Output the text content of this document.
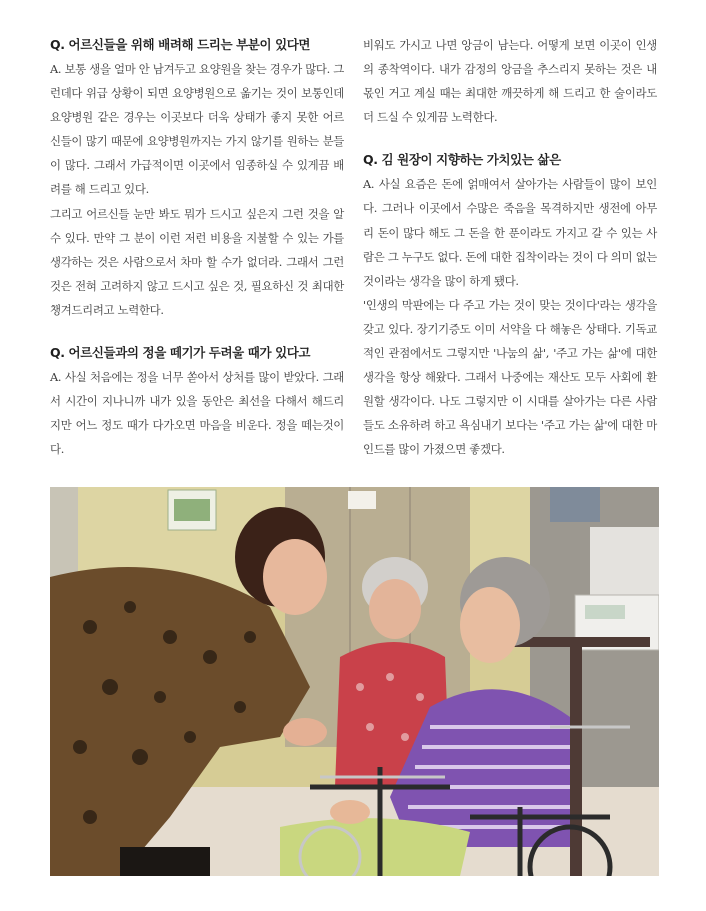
Q. 어르신들을 위해 배려해 드리는 부분이 있다면

A. 보통 생을 얼마 안 남겨두고 요양원을 찾는 경우가 많다. 그런데다 위급 상황이 되면 요양병원으로 옮기는 것이 보통인데 요양병원 같은 경우는 이곳보다 더욱 상태가 좋지 못한 어르신들이 많기 때문에 요양병원까지는 가지 않기를 원하는 분들이 많다. 그래서 가급적이면 이곳에서 임종하실 수 있게끔 배려를 해 드리고 있다.

그리고 어르신들 눈만 봐도 뭐가 드시고 싶은지 그런 것을 알 수 있다. 만약 그 분이 이런 저런 비용을 지불할 수 있는 가를 생각하는 것은 사람으로서 차마 할 수가 없더라. 그래서 그런 것은 전혀 고려하지 않고 드시고 싶은 것, 필요하신 것 최대한 챙겨드리려고 노력한다.

Q. 어르신들과의 정을 떼기가 두려울 때가 있다고

A. 사실 처음에는 정을 너무 쏟아서 상처를 많이 받았다. 그래서 시간이 지나니까 내가 있을 동안은 최선을 다해서 해드리지만 어느 정도 때가 다가오면 마음을 비운다. 정을 떼는것이다.

비워도 가시고 나면 앙금이 남는다. 어떻게 보면 이곳이 인생의 종착역이다. 내가 감정의 앙금을 추스리지 못하는 것은 내 몫인 거고 계실 때는 최대한 깨끗하게 해 드리고 한 술이라도 더 드실 수 있게끔 노력한다.

Q. 김 원장이 지향하는 가치있는 삶은

A. 사실 요즘은 돈에 얽매여서 살아가는 사람들이 많이 보인다. 그러나 이곳에서 수많은 죽음을 목격하지만 생전에 아무리 돈이 많다 해도 그 돈을 한 푼이라도 가지고 갈 수 있는 사람은 그 누구도 없다. 돈에 대한 집착이라는 것이 다 의미 없는 것이라는 생각을 많이 하게 됐다.

'인생의 막판에는 다 주고 가는 것이 맞는 것이다'라는 생각을 갖고 있다. 장기기증도 이미 서약을 다 해놓은 상태다. 기독교적인 관점에서도 그렇지만 '나눔의 삶', '주고 가는 삶'에 대한 생각을 항상 해왔다. 그래서 나중에는 재산도 모두 사회에 환원할 생각이다. 나도 그렇지만 이 시대를 살아가는 다른 사람들도 소유하려 하고 욕심내기 보다는 '주고 가는 삶'에 대한 마인드를 많이 가졌으면 좋겠다.
